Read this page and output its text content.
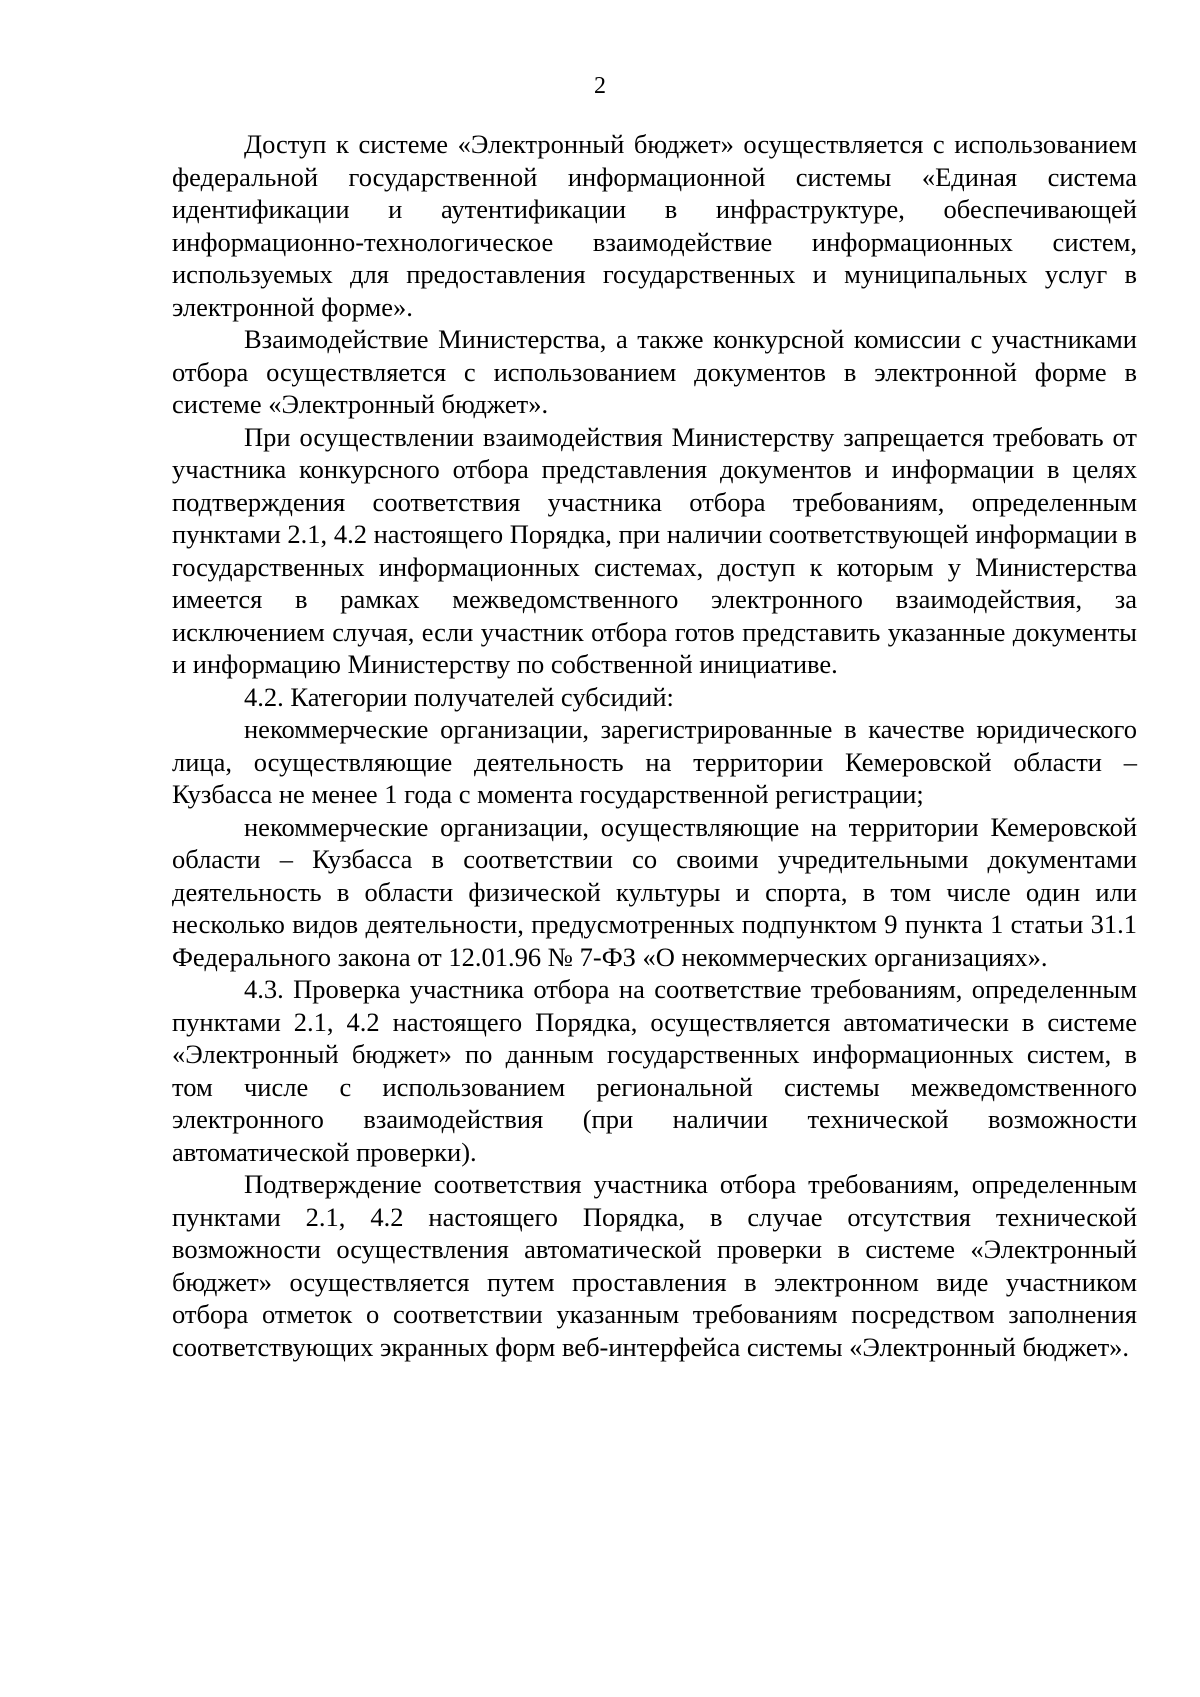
2

Доступ к системе «Электронный бюджет» осуществляется с использованием федеральной государственной информационной системы «Единая система идентификации и аутентификации в инфраструктуре, обеспечивающей информационно-технологическое взаимодействие информационных систем, используемых для предоставления государственных и муниципальных услуг в электронной форме».

Взаимодействие Министерства, а также конкурсной комиссии с участниками отбора осуществляется с использованием документов в электронной форме в системе «Электронный бюджет».

При осуществлении взаимодействия Министерству запрещается требовать от участника конкурсного отбора представления документов и информации в целях подтверждения соответствия участника отбора требованиям, определенным пунктами 2.1, 4.2 настоящего Порядка, при наличии соответствующей информации в государственных информационных системах, доступ к которым у Министерства имеется в рамках межведомственного электронного взаимодействия, за исключением случая, если участник отбора готов представить указанные документы и информацию Министерству по собственной инициативе.

4.2. Категории получателей субсидий:

некоммерческие организации, зарегистрированные в качестве юридического лица, осуществляющие деятельность на территории Кемеровской области – Кузбасса не менее 1 года с момента государственной регистрации;

некоммерческие организации, осуществляющие на территории Кемеровской области – Кузбасса в соответствии со своими учредительными документами деятельность в области физической культуры и спорта, в том числе один или несколько видов деятельности, предусмотренных подпунктом 9 пункта 1 статьи 31.1 Федерального закона от 12.01.96 № 7-ФЗ «О некоммерческих организациях».

4.3. Проверка участника отбора на соответствие требованиям, определенным пунктами 2.1, 4.2 настоящего Порядка, осуществляется автоматически в системе «Электронный бюджет» по данным государственных информационных систем, в том числе с использованием региональной системы межведомственного электронного взаимодействия (при наличии технической возможности автоматической проверки).

Подтверждение соответствия участника отбора требованиям, определенным пунктами 2.1, 4.2 настоящего Порядка, в случае отсутствия технической возможности осуществления автоматической проверки в системе «Электронный бюджет» осуществляется путем проставления в электронном виде участником отбора отметок о соответствии указанным требованиям посредством заполнения соответствующих экранных форм веб-интерфейса системы «Электронный бюджет».
